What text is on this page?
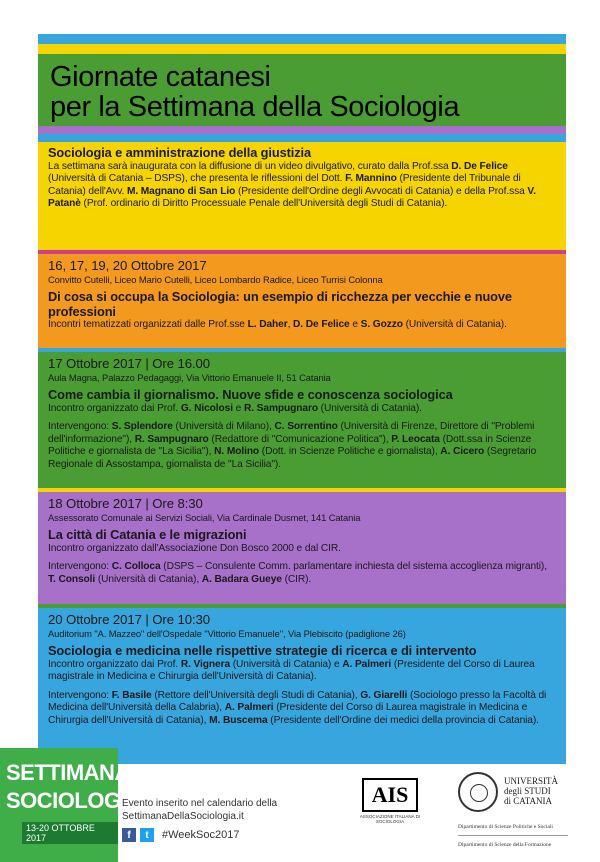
Giornate catanesi
per la Settimana della Sociologia

Sociologia e amministrazione della giustizia

La settimana sarà inaugurata con la diffusione di un video divulgativo, curato dalla Prof.ssa D. De Felice (Università di Catania – DSPS), che presenta le riflessioni del Dott. F. Mannino (Presidente del Tribunale di Catania) dell'Avv. M. Magnano di San Lio (Presidente dell'Ordine degli Avvocati di Catania) e della Prof.ssa V. Patanè (Prof. ordinario di Diritto Processuale Penale dell'Università degli Studi di Catania).

16, 17, 19, 20 Ottobre 2017

Convitto Cutelli, Liceo Mario Cutelli, Liceo Lombardo Radice, Liceo Turrisi Colonna

Di cosa si occupa la Sociologia: un esempio di ricchezza per vecchie e nuove professioni

Incontri tematizzati organizzati dalle Prof.sse L. Daher, D. De Felice e S. Gozzo (Università di Catania).

17 Ottobre 2017 | Ore 16.00

Aula Magna, Palazzo Pedagaggi, Via Vittorio Emanuele II, 51 Catania

Come cambia il giornalismo. Nuove sfide e conoscenza sociologica

Incontro organizzato dai Prof. G. Nicolosi e R. Sampugnaro (Università di Catania).

Intervengono: S. Splendore (Università di Milano), C. Sorrentino (Università di Firenze, Direttore di "Problemi dell'informazione"), R. Sampugnaro (Redattore di "Comunicazione Politica"), P. Leocata (Dott.ssa in Scienze Politiche e giornalista de "La Sicilia"), N. Molino (Dott. in Scienze Politiche e giornalista), A. Cicero (Segretario Regionale di Assostampa, giornalista de "La Sicilia").

18 Ottobre 2017 | Ore 8:30

Assessorato Comunale ai Servizi Sociali, Via Cardinale Dusmet, 141 Catania

La città di Catania e le migrazioni

Incontro organizzato dall'Associazione Don Bosco 2000 e dal CIR.

Intervengono: C. Colloca (DSPS – Consulente Comm. parlamentare inchiesta del sistema accoglienza migranti), T. Consoli (Università di Catania), A. Badara Gueye (CIR).

20 Ottobre 2017 | Ore 10:30

Auditorium "A. Mazzeo" dell'Ospedale "Vittorio Emanuele", Via Plebiscito (padiglione 26)

Sociologia e medicina nelle rispettive strategie di ricerca e di intervento

Incontro organizzato dai Prof. R. Vignera (Università di Catania) e A. Palmeri (Presidente del Corso di Laurea magistrale in Medicina e Chirurgia dell'Università di Catania).

Intervengono: F. Basile (Rettore dell'Università degli Studi di Catania), G. Giarelli (Sociologo presso la Facoltà di Medicina dell'Università della Calabria), A. Palmeri (Presidente del Corso di Laurea magistrale in Medicina e Chirurgia dell'Università di Catania), M. Buscema (Presidente dell'Ordine dei medici della provincia di Catania).

SETTIMANA
SOCIOLOGIA
13-20 OTTOBRE 2017
Evento inserito nel calendario della
SettimanaDellaSociologia.it
f	t	#WeekSoc2017
AIS
ASSOCIAZIONE ITALIANA DI SOCIOLOGIA
UNIVERSITÀ
degli STUDI
di CATANIA
Dipartimento di Scienze Politiche e Sociali
Dipartimento di Scienze della Formazione
